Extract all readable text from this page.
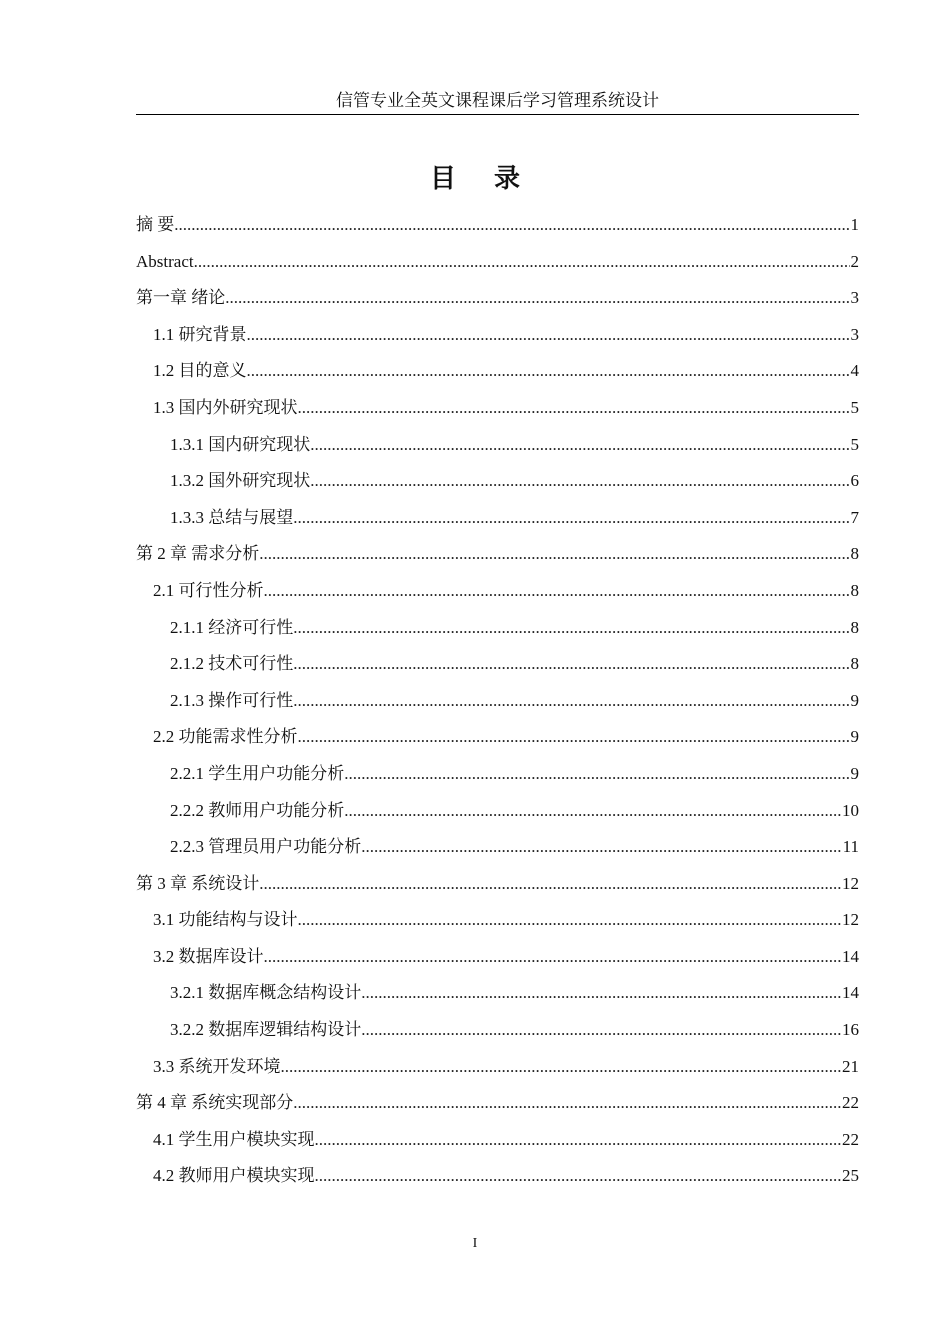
信管专业全英文课程课后学习管理系统设计
目录
摘 要 .....	1
Abstract .....	2
第一章 绪论 .....	3
1.1 研究背景 .....	3
1.2 目的意义 .....	4
1.3 国内外研究现状 .....	5
1.3.1 国内研究现状 .....	5
1.3.2 国外研究现状 .....	6
1.3.3 总结与展望 .....	7
第 2 章 需求分析 .....	8
2.1 可行性分析 .....	8
2.1.1 经济可行性 .....	8
2.1.2 技术可行性 .....	8
2.1.3 操作可行性 .....	9
2.2 功能需求性分析 .....	9
2.2.1 学生用户功能分析 .....	9
2.2.2 教师用户功能分析 .....	10
2.2.3 管理员用户功能分析 .....	11
第 3 章 系统设计 .....	12
3.1 功能结构与设计 .....	12
3.2 数据库设计 .....	14
3.2.1 数据库概念结构设计 .....	14
3.2.2 数据库逻辑结构设计 .....	16
3.3 系统开发环境 .....	21
第 4 章 系统实现部分 .....	22
4.1 学生用户模块实现 .....	22
4.2 教师用户模块实现 .....	25
I
